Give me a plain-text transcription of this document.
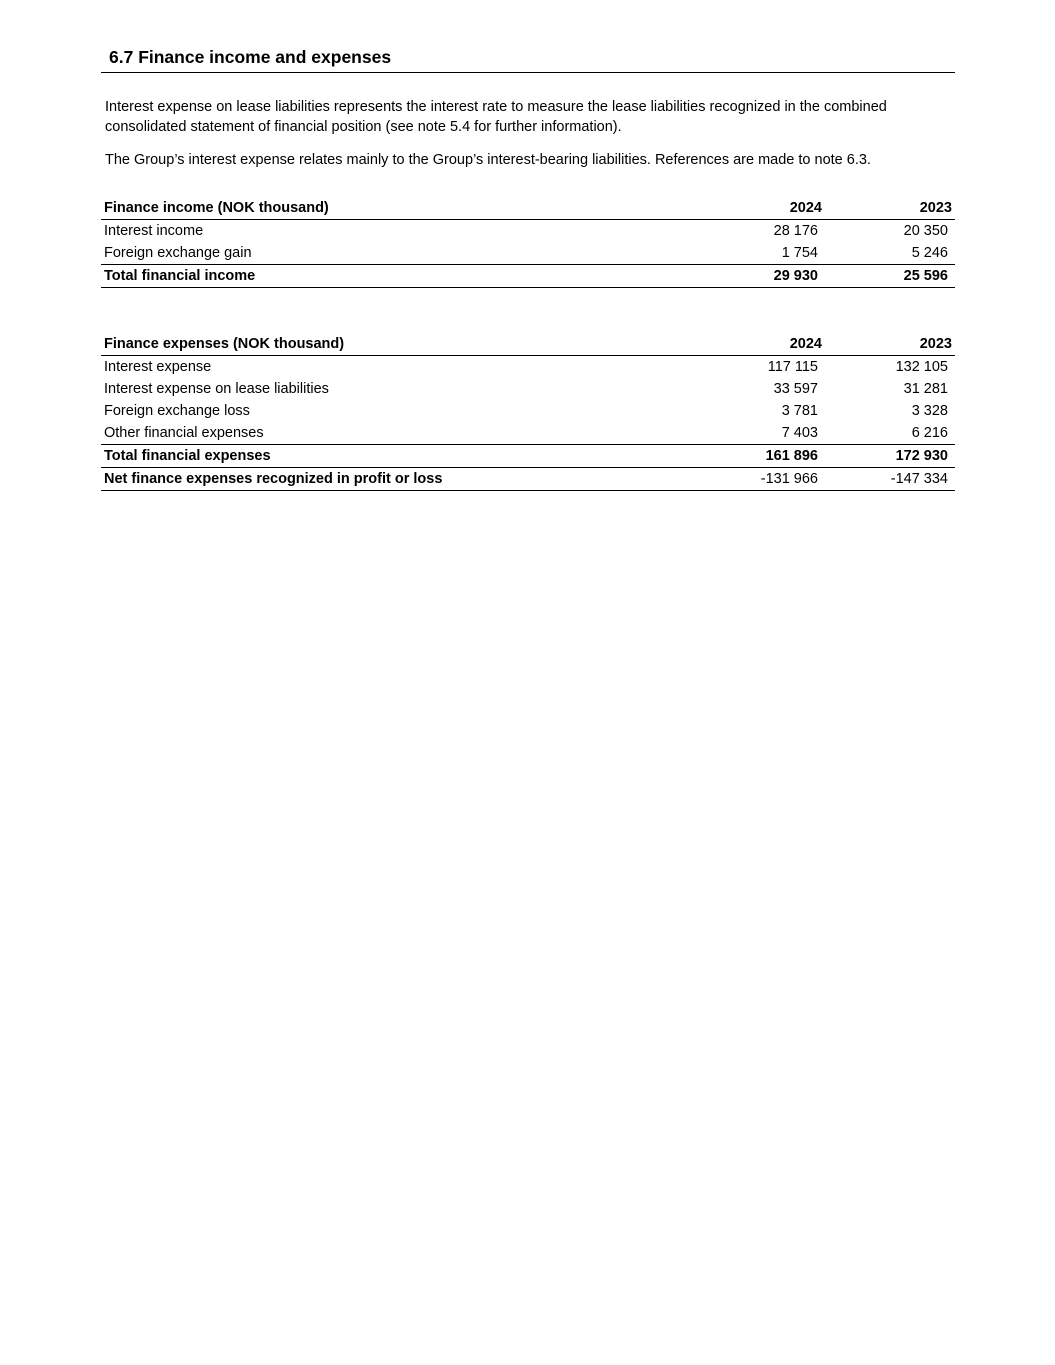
6.7 Finance income and expenses

Interest expense on lease liabilities represents the interest rate to measure the lease liabilities recognized in the combined consolidated statement of financial position (see note 5.4 for further information).

The Group’s interest expense relates mainly to the Group’s interest-bearing liabilities. References are made to note 6.3.

Finance income (NOK thousand)	2024	2023
Interest income	28 176	20 350
Foreign exchange gain	1 754	5 246
Total financial income	29 930	25 596
Finance expenses (NOK thousand)	2024	2023
Interest expense	117 115	132 105
Interest expense on lease liabilities	33 597	31 281
Foreign exchange loss	3 781	3 328
Other financial expenses	7 403	6 216
Total financial expenses	161 896	172 930
Net finance expenses recognized in profit or loss	-131 966	-147 334
